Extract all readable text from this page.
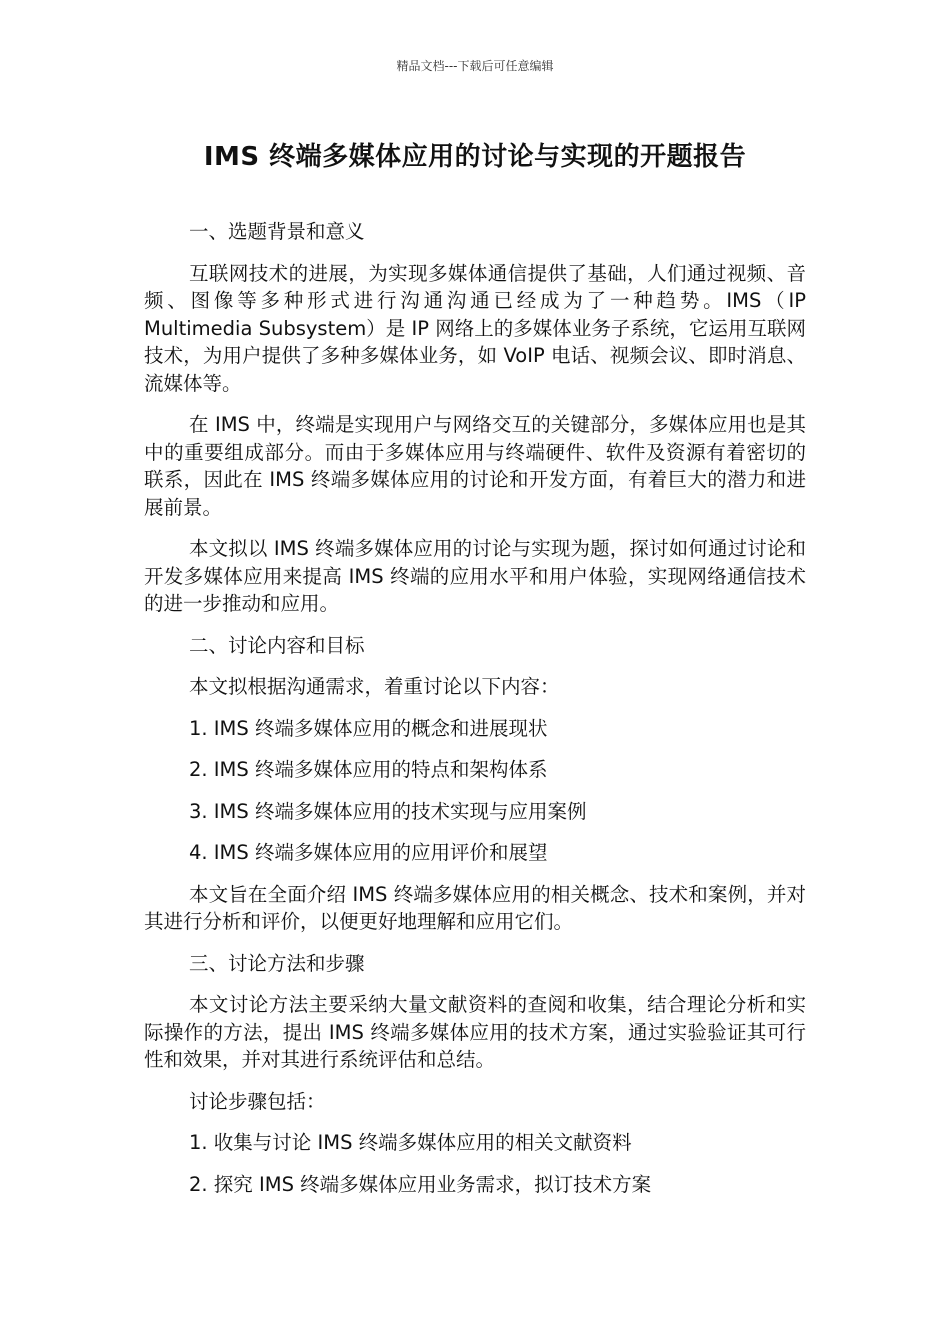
精品文档---下载后可任意编辑
IMS 终端多媒体应用的讨论与实现的开题报告

一、选题背景和意义

互联网技术的进展，为实现多媒体通信提供了基础，人们通过视频、音频、图像等多种形式进行沟通沟通已经成为了一种趋势。IMS（IP Multimedia Subsystem）是 IP 网络上的多媒体业务子系统，它运用互联网技术，为用户提供了多种多媒体业务，如 VoIP 电话、视频会议、即时消息、流媒体等。

在 IMS 中，终端是实现用户与网络交互的关键部分，多媒体应用也是其中的重要组成部分。而由于多媒体应用与终端硬件、软件及资源有着密切的联系，因此在 IMS 终端多媒体应用的讨论和开发方面，有着巨大的潜力和进展前景。

本文拟以 IMS 终端多媒体应用的讨论与实现为题，探讨如何通过讨论和开发多媒体应用来提高 IMS 终端的应用水平和用户体验，实现网络通信技术的进一步推动和应用。

二、讨论内容和目标

本文拟根据沟通需求，着重讨论以下内容：

1. IMS 终端多媒体应用的概念和进展现状

2. IMS 终端多媒体应用的特点和架构体系

3. IMS 终端多媒体应用的技术实现与应用案例

4. IMS 终端多媒体应用的应用评价和展望

本文旨在全面介绍 IMS 终端多媒体应用的相关概念、技术和案例，并对其进行分析和评价，以便更好地理解和应用它们。

三、讨论方法和步骤

本文讨论方法主要采纳大量文献资料的查阅和收集，结合理论分析和实际操作的方法，提出 IMS 终端多媒体应用的技术方案，通过实验验证其可行性和效果，并对其进行系统评估和总结。

讨论步骤包括：

1. 收集与讨论 IMS 终端多媒体应用的相关文献资料

2. 探究 IMS 终端多媒体应用业务需求，拟订技术方案
